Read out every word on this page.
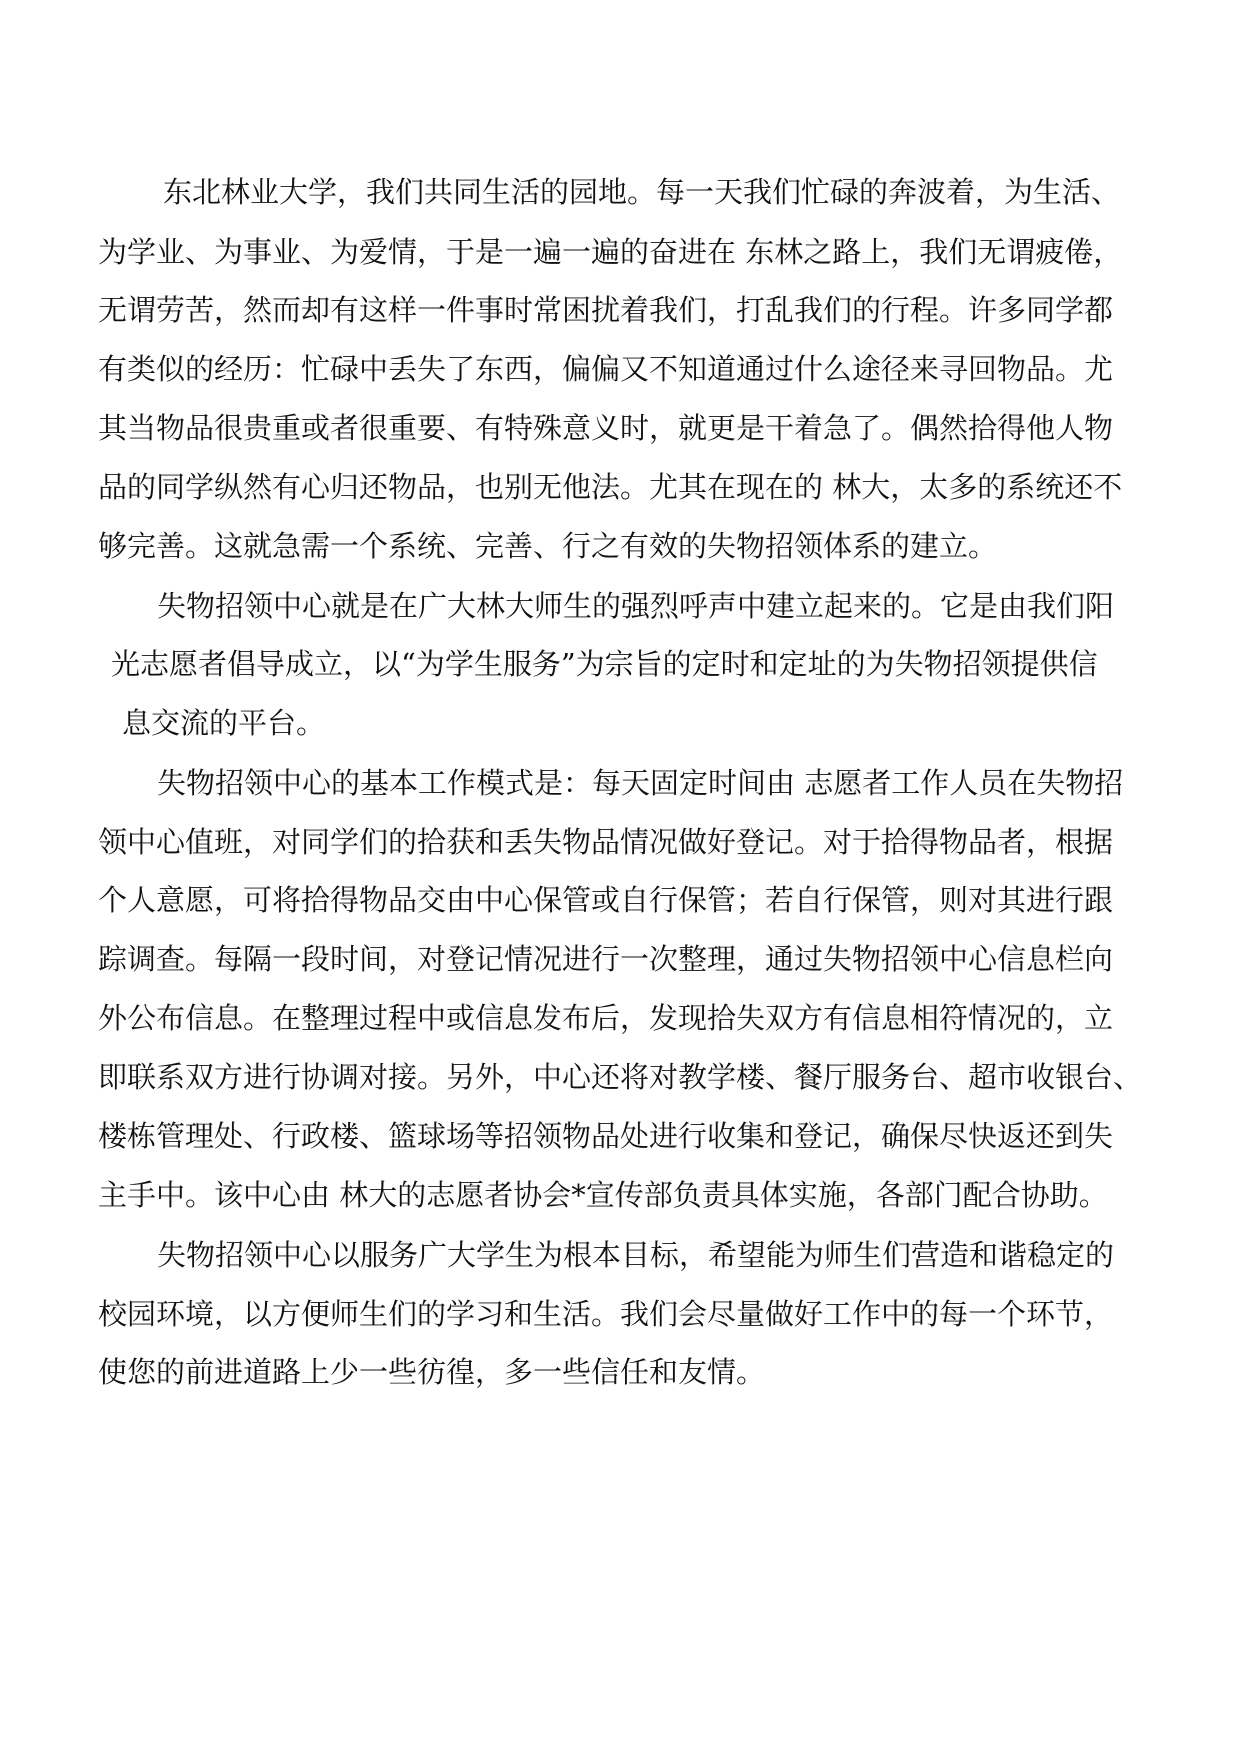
东北林业大学，我们共同生活的园地。每一天我们忙碌的奔波着，为生活、
为学业、为事业、为爱情，于是一遍一遍的奋进在 东林之路上，我们无谓疲倦，
无谓劳苦，然而却有这样一件事时常困扰着我们，打乱我们的行程。许多同学都
有类似的经历：忙碌中丢失了东西，偏偏又不知道通过什么途径来寻回物品。尤
其当物品很贵重或者很重要、有特殊意义时，就更是干着急了。偶然拾得他人物
品的同学纵然有心归还物品，也别无他法。尤其在现在的 林大，太多的系统还不
够完善。这就急需一个系统、完善、行之有效的失物招领体系的建立。
失物招领中心就是在广大林大师生的强烈呼声中建立起来的。它是由我们阳
光志愿者倡导成立，以“为学生服务”为宗旨的定时和定址的为失物招领提供信
息交流的平台。
失物招领中心的基本工作模式是：每天固定时间由 志愿者工作人员在失物招
领中心值班，对同学们的拾获和丢失物品情况做好登记。对于拾得物品者，根据
个人意愿，可将拾得物品交由中心保管或自行保管；若自行保管，则对其进行跟
踪调查。每隔一段时间，对登记情况进行一次整理，通过失物招领中心信息栏向
外公布信息。在整理过程中或信息发布后，发现拾失双方有信息相符情况的，立
即联系双方进行协调对接。另外，中心还将对教学楼、餐厅服务台、超市收银台、
楼栋管理处、行政楼、篮球场等招领物品处进行收集和登记，确保尽快返还到失
主手中。该中心由 林大的志愿者协会*宣传部负责具体实施，各部门配合协助。
失物招领中心以服务广大学生为根本目标，希望能为师生们营造和谐稳定的
校园环境，以方便师生们的学习和生活。我们会尽量做好工作中的每一个环节，
使您的前进道路上少一些彷徨，多一些信任和友情。
